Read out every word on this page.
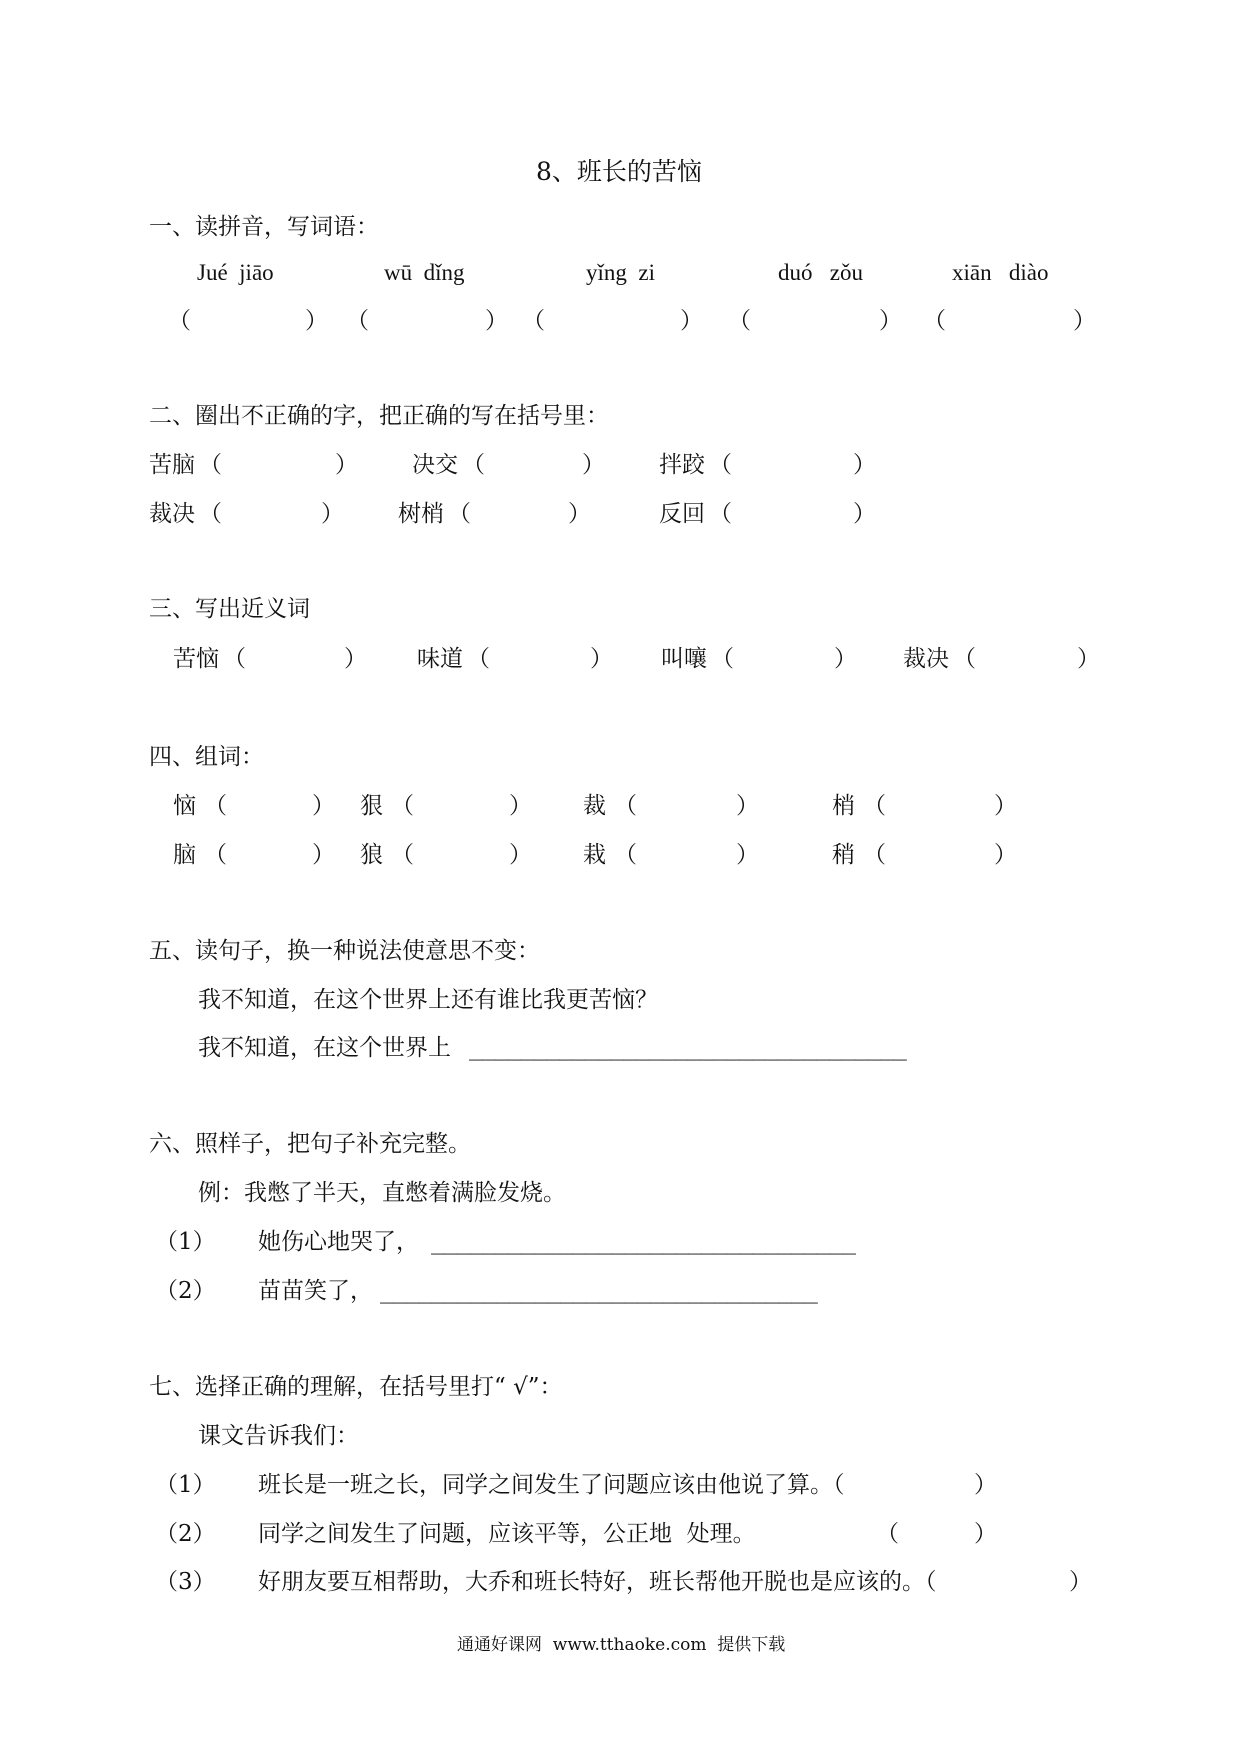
8、班长的苦恼
一、读拼音，写词语：
Jué  jiāo	wū  dǐng	yǐng  zi	duó   zǒu	xiān   diào
（	） （	） （	） （	） （	）
二、圈出不正确的字，把正确的写在括号里：
苦脑 （	） 决交 （	） 拌跤 （	）
裁决 （	） 树梢 （	）	反回 （	）
三、写出近义词
苦恼 （	） 味道 （	） 叫嚷 （	） 裁决 （	）
四、组词：
恼 （	） 狠 （	） 裁 （	）	梢 （	）
脑 （	） 狼 （	） 栽 （	）	稍 （	）
五、读句子，换一种说法使意思不变：
我不知道，在这个世界上还有谁比我更苦恼？
我不知道，在这个世界上 __________________________________
六、照样子，把句子补充完整。
例：我憋了半天，直憋着满脸发烧。
（1） 她伤心地哭了， _________________________________
（2） 苗苗笑了， __________________________________
七、选择正确的理解，在括号里打“ √”：
课文告诉我们：
（1） 班长是一班之长，同学之间发生了问题应该由他说了算。（	）
（2） 同学之间发生了问题，应该平等，公正地  处理。	（	）
（3） 好朋友要互相帮助，大乔和班长特好，班长帮他开脱也是应该的。（	）
通通好课网  www.tthaoke.com  提供下载
